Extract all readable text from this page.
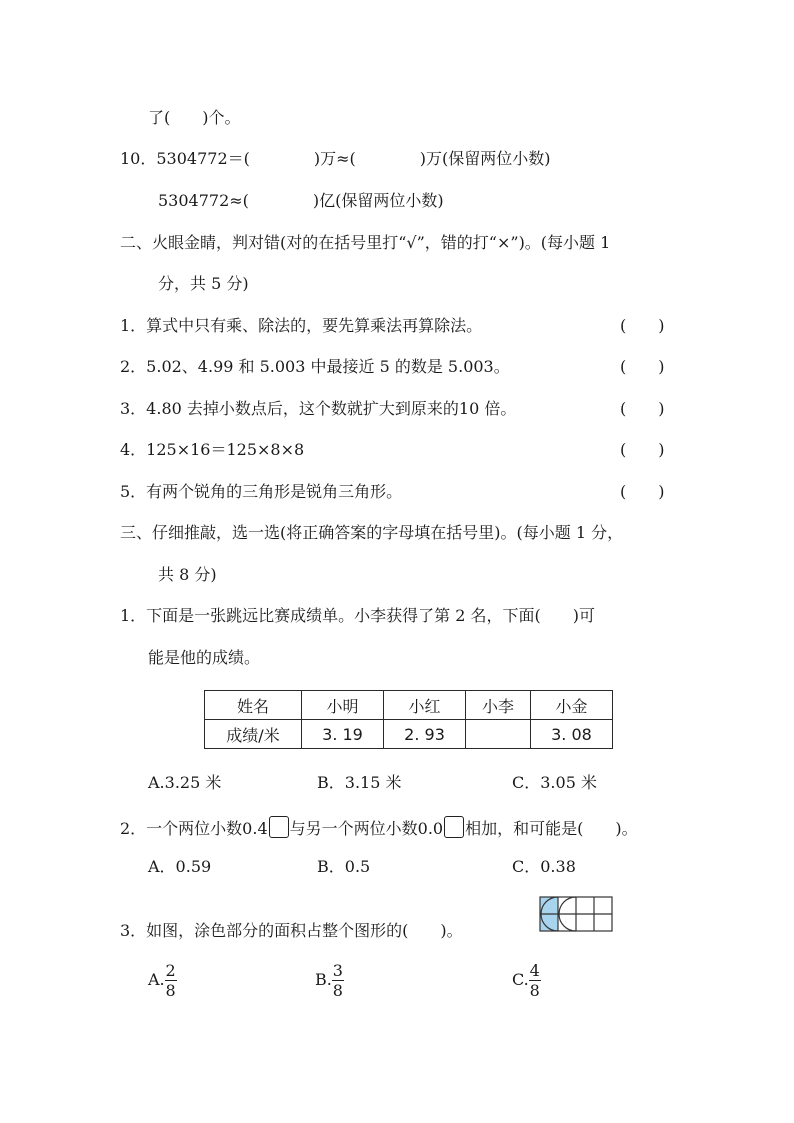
了(　　)个。
10．5304772＝(　　　　)万≈(　　　　)万(保留两位小数)
5304772≈(　　　　)亿(保留两位小数)
二、火眼金睛，判对错(对的在括号里打“√”，错的打“×”)。(每小题 1
分，共 5 分)
1．算式中只有乘、除法的，要先算乘法再算除法。	(　　)
2．5.02、4.99 和 5.003 中最接近 5 的数是 5.003。	(　　)
3．4.80 去掉小数点后，这个数就扩大到原来的10 倍。	(　　)
4．125×16＝125×8×8	(　　)
5．有两个锐角的三角形是锐角三角形。	(　　)
三、仔细推敲，选一选(将正确答案的字母填在括号里)。(每小题 1 分，
共 8 分)
1．下面是一张跳远比赛成绩单。小李获得了第 2 名，下面(　　)可
能是他的成绩。
姓名	小明	小红	小李	小金
成绩/米	3. 19	2. 93		3. 08
A.3.25 米	B．3.15 米	C．3.05 米
2．一个两位小数0.4 与另一个两位小数0.0 相加，和可能是(　　)。
A．0.59	B．0.5	C．0.38
3．如图，涂色部分的面积占整个图形的(　　)。
A. $\frac{2}{8}$	B. $\frac{3}{8}$	C. $\frac{4}{8}$
